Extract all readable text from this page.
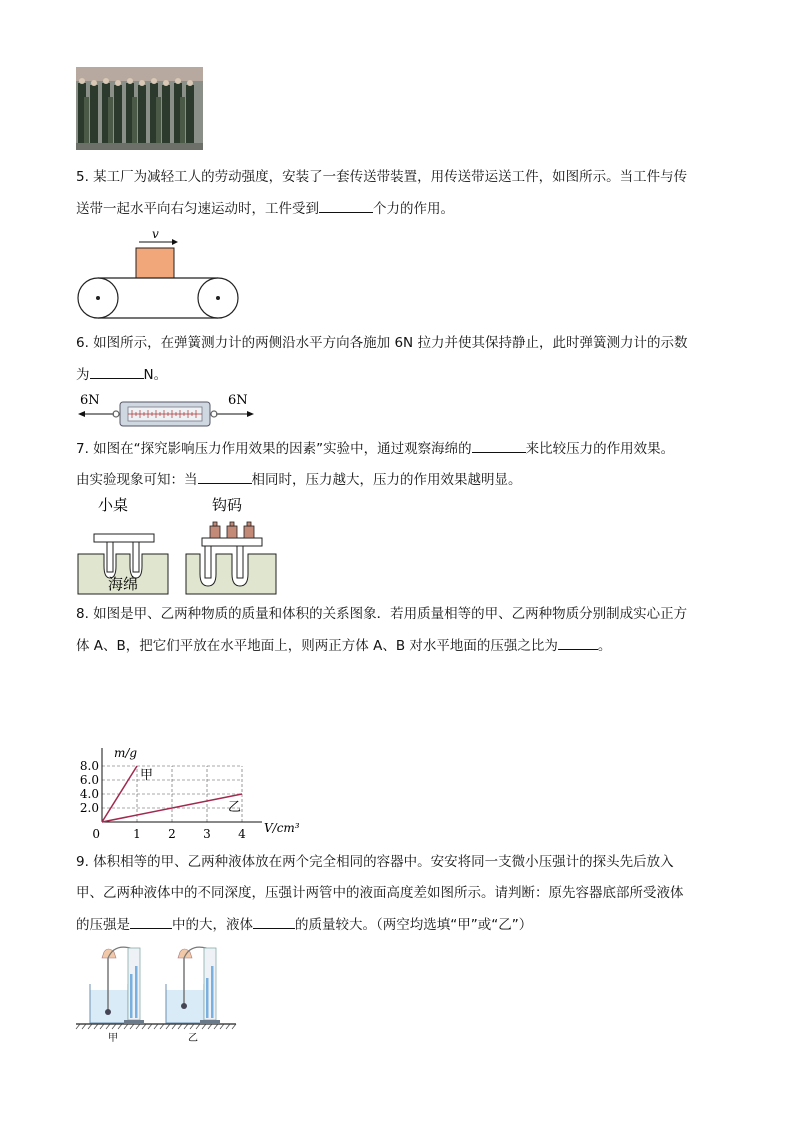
5. 某工厂为减轻工人的劳动强度，安装了一套传送带装置，用传送带运送工件，如图所示。当工件与传
送带一起水平向右匀速运动时，工件受到	个力的作用。
v
6. 如图所示，在弹簧测力计的两侧沿水平方向各施加 6N 拉力并使其保持静止，此时弹簧测力计的示数
为	N。
6N	6N
7. 如图在“探究影响压力作用效果的因素”实验中，通过观察海绵的	来比较压力的作用效果。
由实验现象可知：当	相同时，压力越大，压力的作用效果越明显。
小桌	钩码
海绵
8. 如图是甲、乙两种物质的质量和体积的关系图象．若用质量相等的甲、乙两种物质分别制成实心正方
体 A、B，把它们平放在水平地面上，则两正方体 A、B 对水平地面的压强之比为	。
2.0
4.0
6.0
8.0
0	1 2 3 4
m/g
V/cm³
甲
乙
9. 体积相等的甲、乙两种液体放在两个完全相同的容器中。安安将同一支微小压强计的探头先后放入
甲、乙两种液体中的不同深度，压强计两管中的液面高度差如图所示。请判断：原先容器底部所受液体
的压强是	中的大，液体	的质量较大。（两空均选填“甲”或“乙”）
甲	乙
